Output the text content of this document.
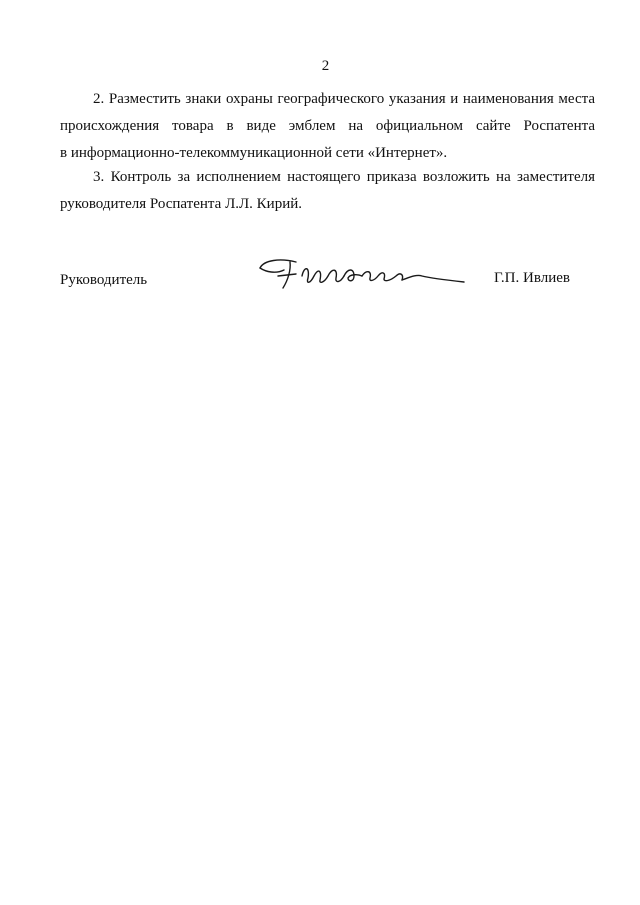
2
2. Разместить знаки охраны географического указания и наименования места
происхождения товара в виде эмблем на официальном сайте Роспатента
в информационно-телекоммуникационной сети «Интернет».
3. Контроль за исполнением настоящего приказа возложить на заместителя
руководителя Роспатента Л.Л. Кирий.
Руководитель	Г.П. Ивлиев
